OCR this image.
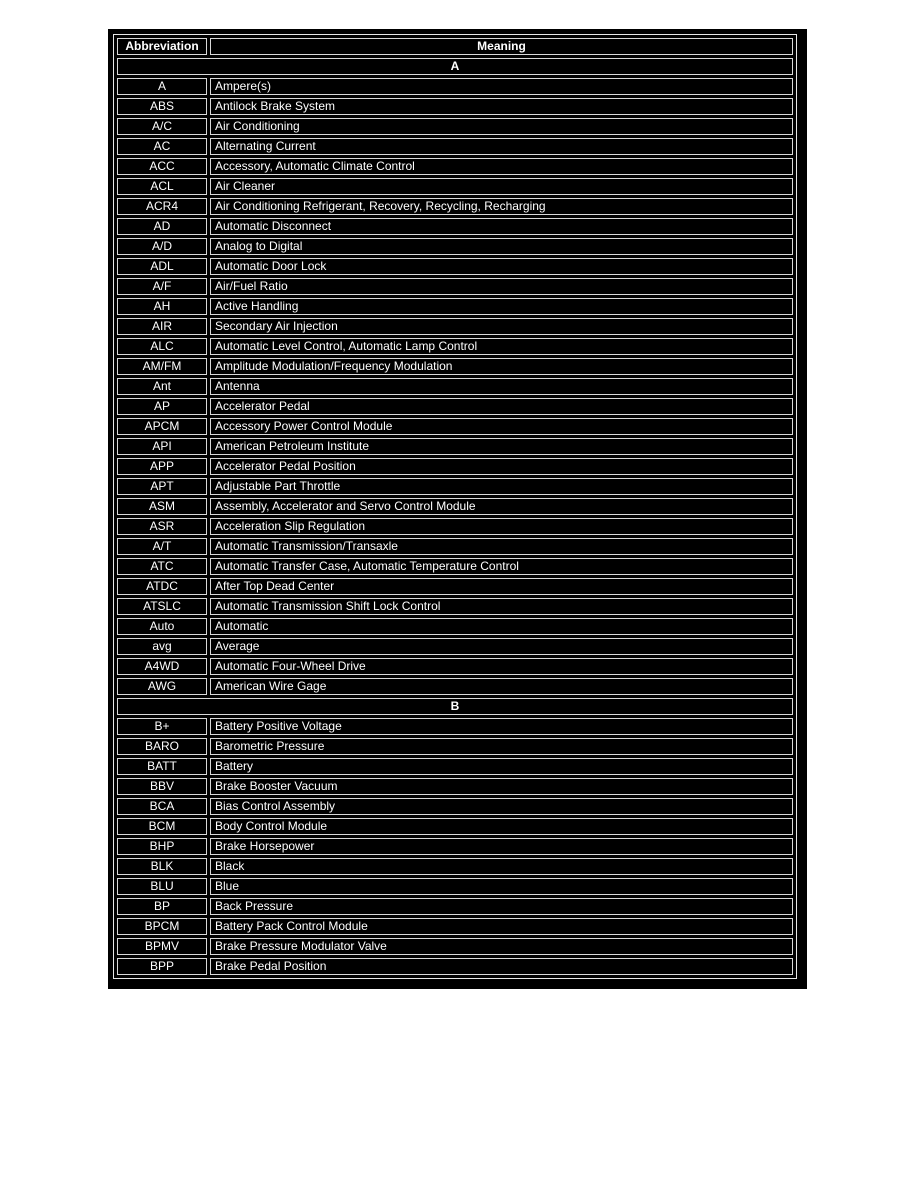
Abbreviation	Meaning
A	
A	Ampere(s)
ABS	Antilock Brake System
A/C	Air Conditioning
AC	Alternating Current
ACC	Accessory, Automatic Climate Control
ACL	Air Cleaner
ACR4	Air Conditioning Refrigerant, Recovery, Recycling, Recharging
AD	Automatic Disconnect
A/D	Analog to Digital
ADL	Automatic Door Lock
A/F	Air/Fuel Ratio
AH	Active Handling
AIR	Secondary Air Injection
ALC	Automatic Level Control, Automatic Lamp Control
AM/FM	Amplitude Modulation/Frequency Modulation
Ant	Antenna
AP	Accelerator Pedal
APCM	Accessory Power Control Module
API	American Petroleum Institute
APP	Accelerator Pedal Position
APT	Adjustable Part Throttle
ASM	Assembly, Accelerator and Servo Control Module
ASR	Acceleration Slip Regulation
A/T	Automatic Transmission/Transaxle
ATC	Automatic Transfer Case, Automatic Temperature Control
ATDC	After Top Dead Center
ATSLC	Automatic Transmission Shift Lock Control
Auto	Automatic
avg	Average
A4WD	Automatic Four-Wheel Drive
AWG	American Wire Gage
B	
B+	Battery Positive Voltage
BARO	Barometric Pressure
BATT	Battery
BBV	Brake Booster Vacuum
BCA	Bias Control Assembly
BCM	Body Control Module
BHP	Brake Horsepower
BLK	Black
BLU	Blue
BP	Back Pressure
BPCM	Battery Pack Control Module
BPMV	Brake Pressure Modulator Valve
BPP	Brake Pedal Position
